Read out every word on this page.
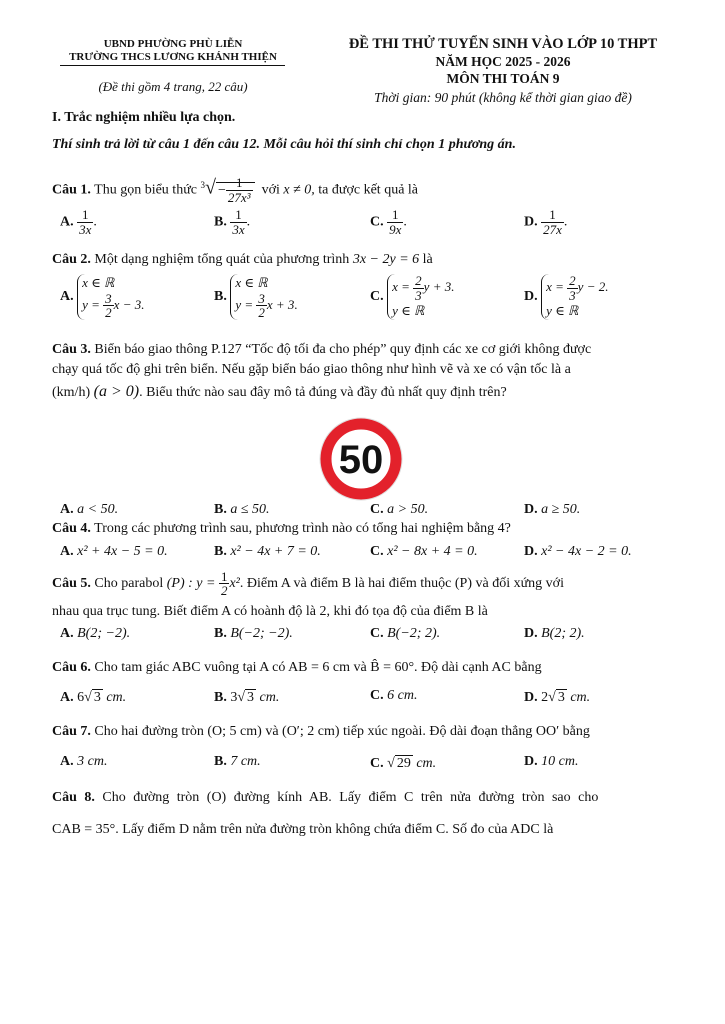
UBND PHƯỜNG PHÙ LIỄN
TRƯỜNG THCS LƯƠNG KHÁNH THIỆN
(Đề thi gồm 4 trang, 22 câu)
ĐỀ THI THỬ TUYỂN SINH VÀO LỚP 10 THPT
NĂM HỌC 2025 - 2026
MÔN THI TOÁN 9
Thời gian: 90 phút (không kể thời gian giao đề)
I. Trắc nghiệm nhiều lựa chọn.
Thí sinh trả lời từ câu 1 đến câu 12. Mỗi câu hỏi thí sinh chỉ chọn 1 phương án.
Câu 1. Thu gọn biểu thức $^3√ - \frac{1}{\text{27x³}}$ với x ≠ 0, ta được kết quả là
A. $\frac{1}{3x}$ .	B. $\frac{1}{3x}$ .	C. $\frac{1}{9x}$ .	D. $\frac{1}{27x}$ .
Câu 2. Một dạng nghiệm tổng quát của phương trình 3x − 2y = 6 là
A.
x ∈ ℝ
$y = \frac{3}{2}$ x − 3.
B.
x ∈ ℝ
$y = \frac{3}{2}$ x + 3.
C.
$x = \frac{2}{3}$ y + 3.
y ∈ ℝ
D.
$x = \frac{2}{3}$ y − 2.
y ∈ ℝ
Câu 3. Biển báo giao thông P.127 “Tốc độ tối đa cho phép” quy định các xe cơ giới không được
chạy quá tốc độ ghi trên biển. Nếu gặp biển báo giao thông như hình vẽ và xe có vận tốc là a
(km/h) (a > 0). Biểu thức nào sau đây mô tả đúng và đầy đủ nhất quy định trên?
50
A. a < 50.	B. a ≤ 50.	C. a > 50.	D. a ≥ 50.
Câu 4. Trong các phương trình sau, phương trình nào có tổng hai nghiệm bằng 4?
A. x² + 4x − 5 = 0.	B. x² − 4x + 7 = 0.	C. x² − 8x + 4 = 0.	D. x² − 4x − 2 = 0.
Câu 5. Cho parabol (P) : $y = \frac{1}{2} x^2$. Điểm A và điểm B là hai điểm thuộc (P) và đối xứng với
nhau qua trục tung. Biết điểm A có hoành độ là 2, khi đó tọa độ của điểm B là
A. B(2; −2).	B. B(−2; −2).	C. B(−2; 2).	D. B(2; 2).
Câu 6. Cho tam giác ABC vuông tại A có AB = 6 cm và B̂ = 60°. Độ dài cạnh AC bằng
A. 6√ 3 cm.	B. 3√ 3 cm.	C. 6 cm.	D. 2√ 3 cm.
Câu 7. Cho hai đường tròn (O; 5 cm) và (O′; 2 cm) tiếp xúc ngoài. Độ dài đoạn thẳng OO′ bằng
A. 3 cm.	B. 7 cm.	C. √ 29 cm.	D. 10 cm.
Câu 8. Cho đường tròn (O) đường kính AB. Lấy điểm C trên nửa đường tròn sao cho
CAB = 35°. Lấy điểm D nằm trên nửa đường tròn không chứa điểm C. Số đo của ADC là
